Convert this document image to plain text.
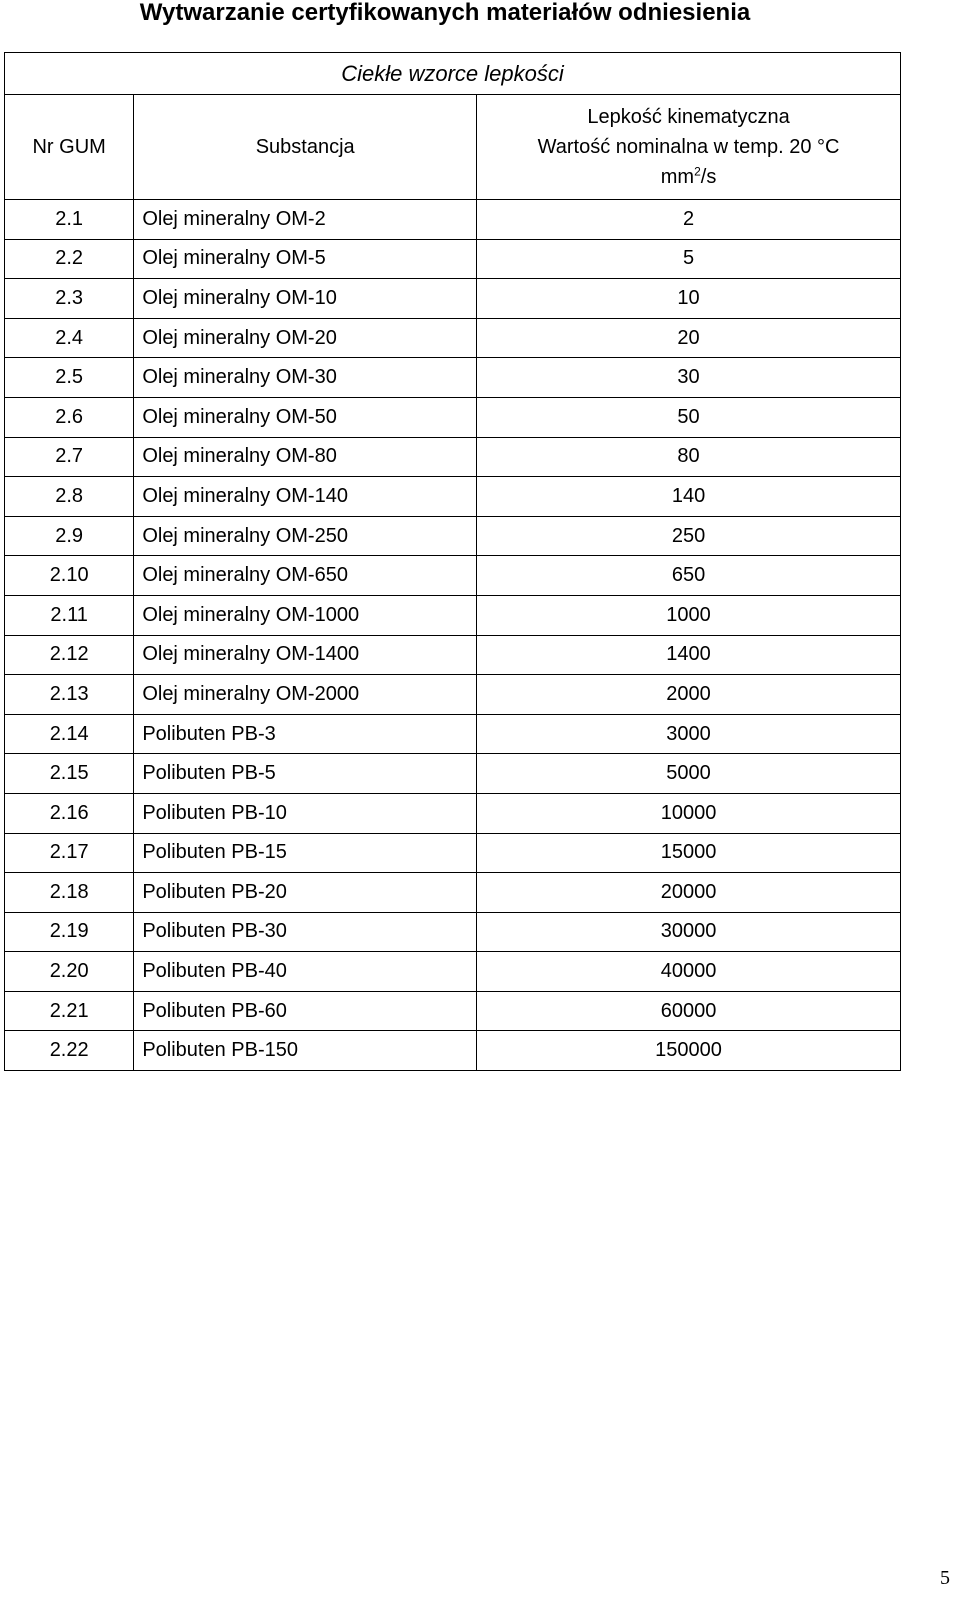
Wytwarzanie certyfikowanych materiałów odniesienia
Ciekłe wzorce lepkości		
Nr GUM	Substancja	Lepkość kinematyczna
Wartość nominalna w temp. 20 °C
$mm^2/s$

2.1	Olej mineralny OM-2	2
2.2	Olej mineralny OM-5	5
2.3	Olej mineralny OM-10	10
2.4	Olej mineralny OM-20	20
2.5	Olej mineralny OM-30	30
2.6	Olej mineralny OM-50	50
2.7	Olej mineralny OM-80	80
2.8	Olej mineralny OM-140	140
2.9	Olej mineralny OM-250	250
2.10	Olej mineralny OM-650	650
2.11	Olej mineralny OM-1000	1000
2.12	Olej mineralny OM-1400	1400
2.13	Olej mineralny OM-2000	2000
2.14	Polibuten PB-3	3000
2.15	Polibuten PB-5	5000
2.16	Polibuten PB-10	10000
2.17	Polibuten PB-15	15000
2.18	Polibuten PB-20	20000
2.19	Polibuten PB-30	30000
2.20	Polibuten PB-40	40000
2.21	Polibuten PB-60	60000
2.22	Polibuten PB-150	150000
5
